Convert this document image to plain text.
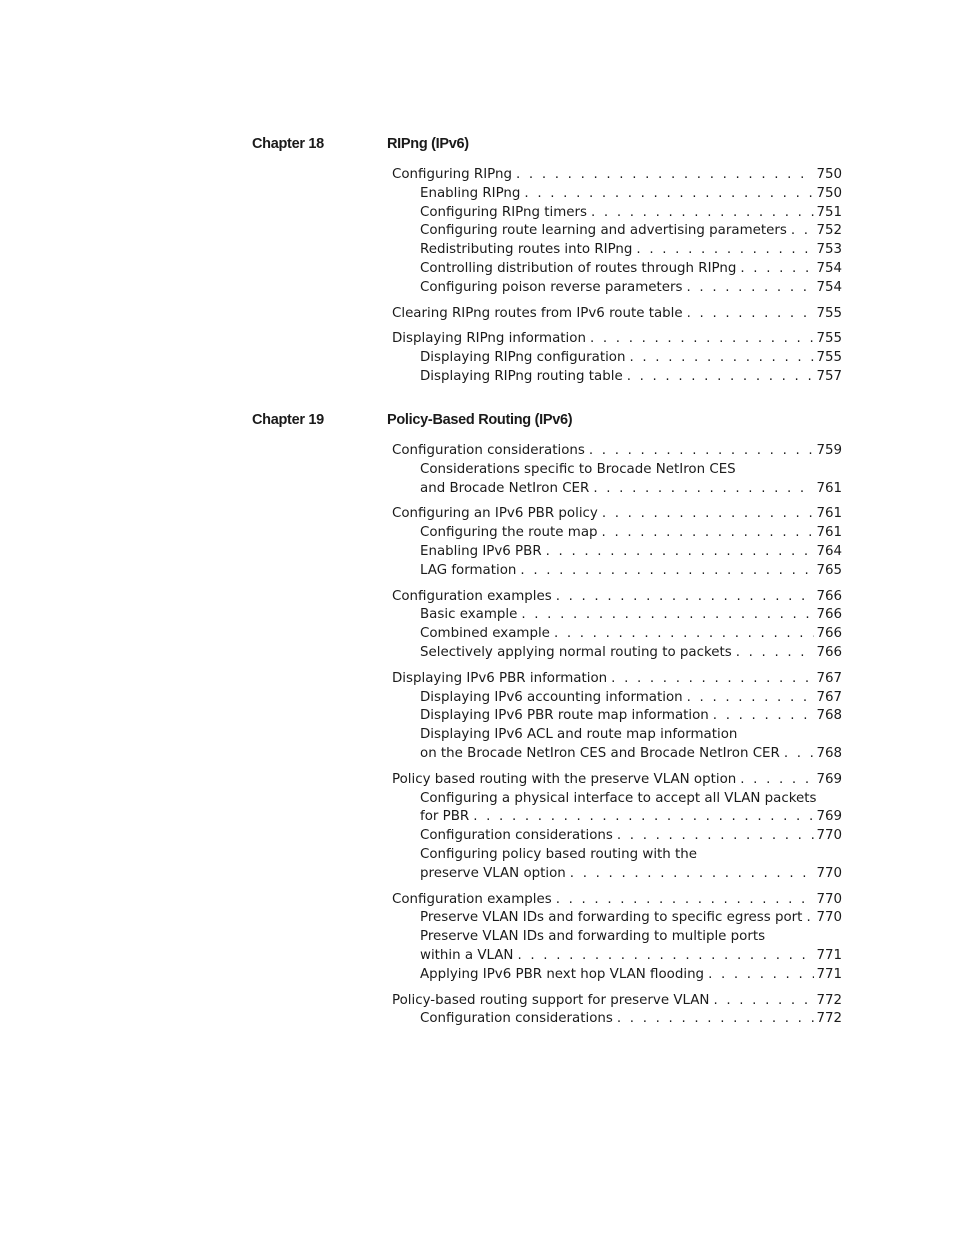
Chapter 18	RIPng (IPv6)
Configuring RIPng . . .	750
Enabling RIPng . . .	750
Configuring RIPng timers . . .	751
Configuring route learning and advertising parameters . . . 752
Redistributing routes into RIPng . . .	753
Controlling distribution of routes through RIPng . . .	754
Configuring poison reverse parameters . . .	754
Clearing RIPng routes from IPv6 route table . . .	755
Displaying RIPng information . . .	755
Displaying RIPng configuration . . .	755
Displaying RIPng routing table . . .	757
Chapter 19	Policy-Based Routing (IPv6)
Configuration considerations . . .	759
Considerations specific to Brocade NetIron CES
and Brocade NetIron CER . . .	761
Configuring an IPv6 PBR policy . . .	761
Configuring the route map . . .	761
Enabling IPv6 PBR . . .	764
LAG formation . . .	765
Configuration examples . . .	766
Basic example . . .	766
Combined example . . .	766
Selectively applying normal routing to packets . . .	766
Displaying IPv6 PBR information . . .	767
Displaying IPv6 accounting information . . .	767
Displaying IPv6 PBR route map information . . .	768
Displaying IPv6 ACL and route map information
on the Brocade NetIron CES and Brocade NetIron CER . . .	768
Policy based routing with the preserve VLAN option . . .	769
Configuring a physical interface to accept all VLAN packets
for PBR . . .	769
Configuration considerations . . .	770
Configuring policy based routing with the
preserve VLAN option . . .	770
Configuration examples . . .	770
Preserve VLAN IDs and forwarding to specific egress port . . . 770
Preserve VLAN IDs and forwarding to multiple ports
within a VLAN . . .	771
Applying IPv6 PBR next hop VLAN flooding . . .	771
Policy-based routing support for preserve VLAN . . .	772
Configuration considerations . . .	772
